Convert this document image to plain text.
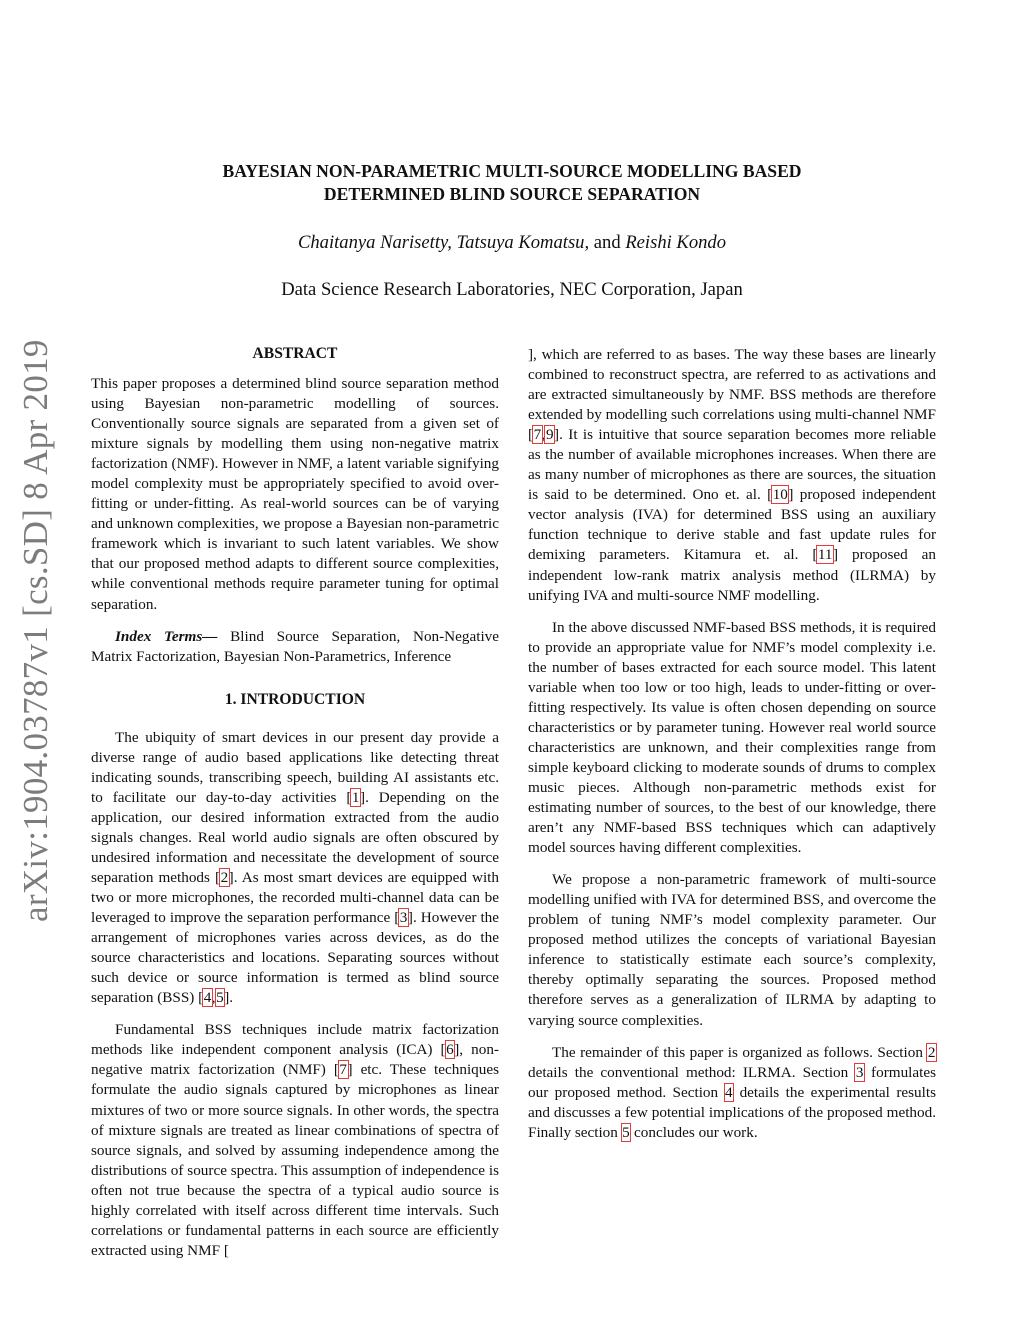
arXiv:1904.03787v1 [cs.SD] 8 Apr 2019
BAYESIAN NON-PARAMETRIC MULTI-SOURCE MODELLING BASED
DETERMINED BLIND SOURCE SEPARATION
Chaitanya Narisetty, Tatsuya Komatsu, and Reishi Kondo
Data Science Research Laboratories, NEC Corporation, Japan
ABSTRACT

This paper proposes a determined blind source separation method using Bayesian non-parametric modelling of sources. Conventionally source signals are separated from a given set of mixture signals by modelling them using non-negative matrix factorization (NMF). However in NMF, a latent variable signifying model complexity must be appropriately specified to avoid over-fitting or under-fitting. As real-world sources can be of varying and unknown complexities, we propose a Bayesian non-parametric framework which is invariant to such latent variables. We show that our proposed method adapts to different source complexities, while conventional methods require parameter tuning for optimal separation.

Index Terms— Blind Source Separation, Non-Negative Matrix Factorization, Bayesian Non-Parametrics, Inference

1. INTRODUCTION

The ubiquity of smart devices in our present day provide a diverse range of audio based applications like detecting threat indicating sounds, transcribing speech, building AI assistants etc. to facilitate our day-to-day activities [1]. Depending on the application, our desired information extracted from the audio signals changes. Real world audio signals are often obscured by undesired information and necessitate the development of source separation methods [2]. As most smart devices are equipped with two or more microphones, the recorded multi-channel data can be leveraged to improve the separation performance [3]. However the arrangement of microphones varies across devices, as do the source characteristics and locations. Separating sources without such device or source information is termed as blind source separation (BSS) [4,5].

Fundamental BSS techniques include matrix factorization methods like independent component analysis (ICA) [6], non-negative matrix factorization (NMF) [7] etc. These techniques formulate the audio signals captured by microphones as linear mixtures of two or more source signals. In other words, the spectra of mixture signals are treated as linear combinations of spectra of source signals, and solved by assuming independence among the distributions of source spectra. This assumption of independence is often not true because the spectra of a typical audio source is highly correlated with itself across different time intervals. Such correlations or fundamental patterns in each source are efficiently extracted using NMF [

], which are referred to as bases. The way these bases are linearly combined to reconstruct spectra, are referred to as activations and are extracted simultaneously by NMF. BSS methods are therefore extended by modelling such correlations using multi-channel NMF [7,9]. It is intuitive that source separation becomes more reliable as the number of available microphones increases. When there are as many number of microphones as there are sources, the situation is said to be determined. Ono et. al. [10] proposed independent vector analysis (IVA) for determined BSS using an auxiliary function technique to derive stable and fast update rules for demixing parameters. Kitamura et. al. [11] proposed an independent low-rank matrix analysis method (ILRMA) by unifying IVA and multi-source NMF modelling.

In the above discussed NMF-based BSS methods, it is required to provide an appropriate value for NMF’s model complexity i.e. the number of bases extracted for each source model. This latent variable when too low or too high, leads to under-fitting or over-fitting respectively. Its value is often chosen depending on source characteristics or by parameter tuning. However real world source characteristics are unknown, and their complexities range from simple keyboard clicking to moderate sounds of drums to complex music pieces. Although non-parametric methods exist for estimating number of sources, to the best of our knowledge, there aren’t any NMF-based BSS techniques which can adaptively model sources having different complexities.

We propose a non-parametric framework of multi-source modelling unified with IVA for determined BSS, and overcome the problem of tuning NMF’s model complexity parameter. Our proposed method utilizes the concepts of variational Bayesian inference to statistically estimate each source’s complexity, thereby optimally separating the sources. Proposed method therefore serves as a generalization of ILRMA by adapting to varying source complexities.

The remainder of this paper is organized as follows. Section 2 details the conventional method: ILRMA. Section 3 formulates our proposed method. Section 4 details the experimental results and discusses a few potential implications of the proposed method. Finally section 5 concludes our work.
